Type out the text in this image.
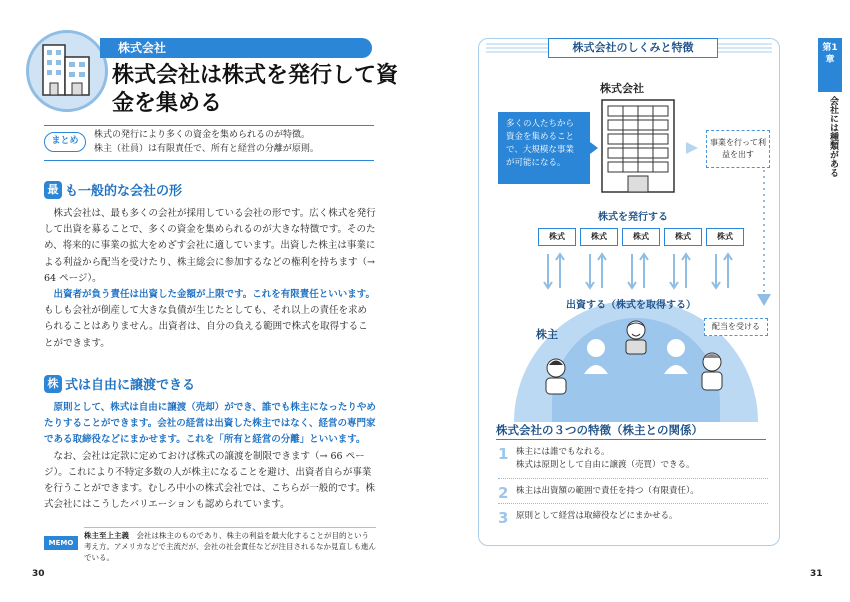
株式会社
株式会社は株式を発行して資金を集める
まとめ
株式の発行により多くの資金を集められるのが特徴。
株主（社員）は有限責任で、所有と経営の分離が原則。
最 も一般的な会社の形

株式会社は、最も多くの会社が採用している会社の形です。広く株式を発行して出資を募ることで、多くの資金を集められるのが大きな特徴です。そのため、将来的に事業の拡大をめざす会社に適しています。出資した株主は事業による利益から配当を受けたり、株主総会に参加するなどの権利を持ちます（→ 64 ページ）。

出資者が負う責任は出資した金額が上限です。これを有限責任といいます。もしも会社が倒産して大きな負債が生じたとしても、それ以上の責任を求められることはありません。出資者は、自分の負える範囲で株式を取得することができます。

株 式は自由に譲渡できる

原則として、株式は自由に譲渡（売却）ができ、誰でも株主になったりやめたりすることができます。会社の経営は出資した株主ではなく、経営の専門家である取締役などにまかせます。これを「所有と経営の分離」といいます。

なお、会社は定款に定めておけば株式の譲渡を制限できます（→ 66 ページ）。これにより不特定多数の人が株主になることを避け、出資者自らが事業を行うことができます。むしろ中小の株式会社では、こちらが一般的です。株式会社にはこうしたバリエーションも認められています。

MEMO
株主至上主義　 会社は株主のものであり、株主の利益を最大化することが目的という考え方。アメリカなどで主流だが、会社の社会責任などが注目されるなか見直しも進んでいる。
30
株式会社のしくみと特徴
株式会社
多くの人たちから資金を集めることで、大規模な事業が可能になる。
事業を行って利益を出す
株式を発行する
株式	株式	株式	株式	株式
出資する（株式を取得する）
配当を受ける
株主
株式会社の３つの特徴（株主との関係）
1 株主には誰でもなれる。
株式は原則として自由に譲渡（売買）できる。
2 株主は出資額の範囲で責任を持つ（有限責任）。
3 原則として経営は取締役などにまかせる。
第1章
会社には種類がある
31
